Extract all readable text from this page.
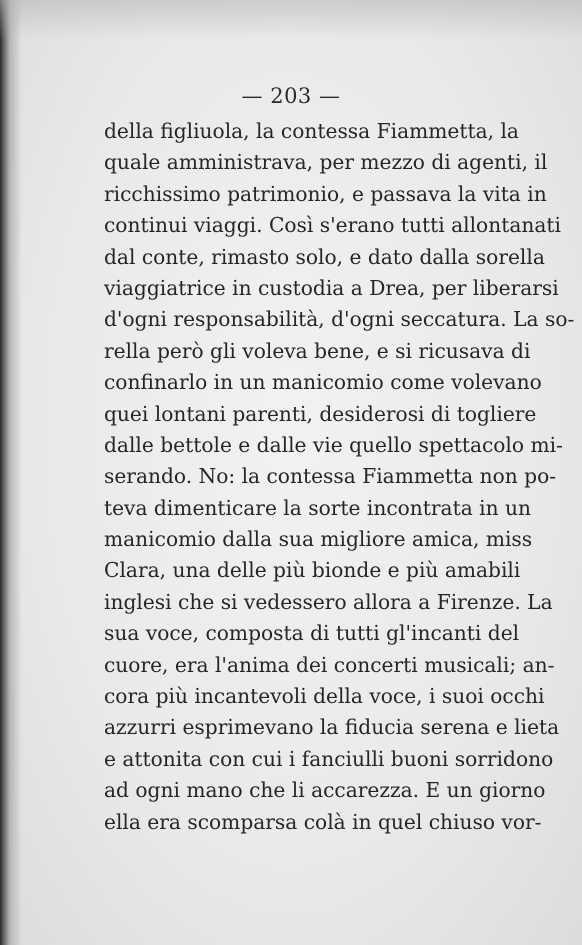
— 203 —
della figliuola, la contessa Fiammetta, la
quale amministrava, per mezzo di agenti, il
ricchissimo patrimonio, e passava la vita in
continui viaggi. Così s'erano tutti allontanati
dal conte, rimasto solo, e dato dalla sorella
viaggiatrice in custodia a Drea, per liberarsi
d'ogni responsabilità, d'ogni seccatura. La so-
rella però gli voleva bene, e si ricusava di
confinarlo in un manicomio come volevano
quei lontani parenti, desiderosi di togliere
dalle bettole e dalle vie quello spettacolo mi-
serando. No: la contessa Fiammetta non po-
teva dimenticare la sorte incontrata in un
manicomio dalla sua migliore amica, miss
Clara, una delle più bionde e più amabili
inglesi che si vedessero allora a Firenze. La
sua voce, composta di tutti gl'incanti del
cuore, era l'anima dei concerti musicali; an-
cora più incantevoli della voce, i suoi occhi
azzurri esprimevano la fiducia serena e lieta
e attonita con cui i fanciulli buoni sorridono
ad ogni mano che li accarezza. E un giorno
ella era scomparsa colà in quel chiuso vor-
